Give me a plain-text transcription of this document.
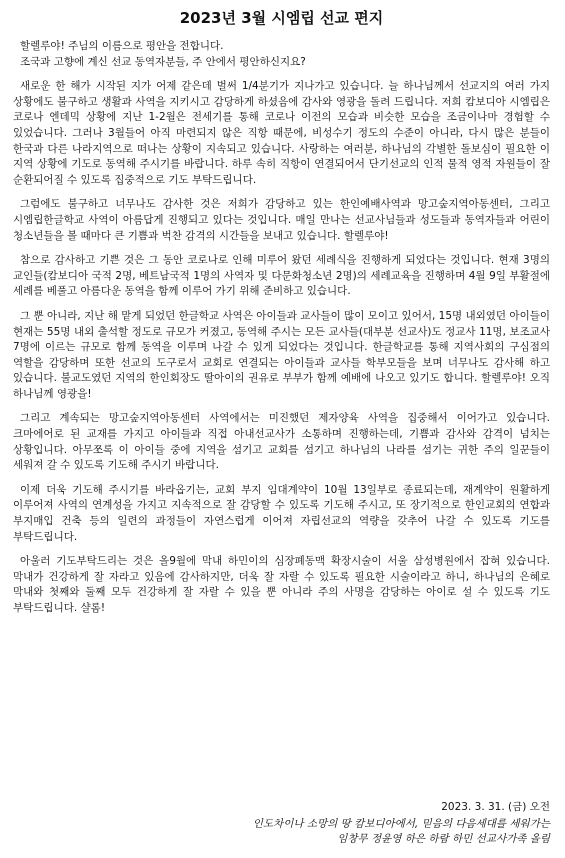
2023년 3월 시엠립 선교 편지
할렐루야! 주님의 이름으로 평안을 전합니다.
조국과 고향에 계신 선교 동역자분들, 주 안에서 평안하신지요?

새로운 한 해가 시작된 지가 어제 같은데 벌써 1/4분기가 지나가고 있습니다. 늘 하나님께서 선교지의 여러 가지 상황에도 불구하고 생활과 사역을 지키시고 감당하게 하셨음에 감사와 영광을 돌려 드립니다. 저희 캄보디아 시엠립은 코로나 엔데믹 상황에 지난 1-2월은 전세기를 통해 코로나 이전의 모습과 비슷한 모습을 조금이나마 경험할 수 있었습니다. 그러나 3월들어 아직 마련되지 않은 직항 때문에, 비성수기 정도의 수준이 아니라, 다시 많은 분들이 한국과 다른 나라지역으로 떠나는 상황이 지속되고 있습니다. 사랑하는 여러분, 하나님의 각별한 돌보심이 필요한 이 지역 상황에 기도로 동역해 주시기를 바랍니다. 하루 속히 직항이 연결되어서 단기선교의 인적 물적 영적 자원들이 잘 순환되어질 수 있도록 집중적으로 기도 부탁드립니다.

그럼에도 불구하고 너무나도 감사한 것은 저희가 감당하고 있는 한인예배사역과 망고숲지역아동센터, 그리고 시엠립한글학교 사역이 아름답게 진행되고 있다는 것입니다. 매일 만나는 선교사님들과 성도들과 동역자들과 어린이 청소년들을 볼 때마다 큰 기쁨과 벅찬 감격의 시간들을 보내고 있습니다. 할렐루야!

참으로 감사하고 기쁜 것은 그 동안 코로나로 인해 미루어 왔던 세례식을 진행하게 되었다는 것입니다. 현재 3명의 교인들(캄보디아 국적 2명, 베트남국적 1명의 사역자 및 다문화청소년 2명)의 세례교육을 진행하며 4월 9일 부활절에 세례를 베풀고 아름다운 동역을 함께 이루어 가기 위해 준비하고 있습니다.

그 뿐 아니라, 지난 해 맡게 되었던 한글학교 사역은 아이들과 교사들이 많이 모이고 있어서, 15명 내외였던 아이들이 현재는 55명 내외 출석할 정도로 규모가 커졌고, 동역해 주시는 모든 교사들(대부분 선교사)도 정교사 11명, 보조교사 7명에 이르는 규모로 함께 동역을 이루며 나갈 수 있게 되었다는 것입니다. 한글학교를 통해 지역사회의 구심점의 역할을 감당하며 또한 선교의 도구로서 교회로 연결되는 아이들과 교사들 학부모들을 보며 너무나도 감사해 하고 있습니다. 불교도였던 지역의 한인회장도 딸아이의 권유로 부부가 함께 예배에 나오고 있기도 합니다. 할렐루야! 오직 하나님께 영광을!

그리고 계속되는 망고숲지역아동센터 사역에서는 미진했던 제자양육 사역을 집중해서 이어가고 있습니다. 크마에어로 된 교재를 가지고 아이들과 직접 아내선교사가 소통하며 진행하는데, 기쁨과 감사와 감격이 넘치는 상황입니다. 아무쪼록 이 아이들 중에 지역을 섬기고 교회를 섬기고 하나님의 나라를 섬기는 귀한 주의 일꾼들이 세워져 갈 수 있도록 기도해 주시기 바랍니다.

이제 더욱 기도해 주시기를 바라옵기는, 교회 부지 임대계약이 10월 13일부로 종료되는데, 재계약이 원활하게 이루어져 사역의 연계성을 가지고 지속적으로 잘 감당할 수 있도록 기도해 주시고, 또 장기적으로 한인교회의 연합과 부지매입 건축 등의 일련의 과정들이 자연스럽게 이어져 자립선교의 역량을 갖추어 나갈 수 있도록 기도를 부탁드립니다.

아울러 기도부탁드리는 것은 올9월에 막내 하민이의 심장폐동맥 확장시술이 서울 삼성병원에서 잡혀 있습니다. 막내가 건강하게 잘 자라고 있음에 감사하지만, 더욱 잘 자랄 수 있도록 필요한 시술이라고 하니, 하나님의 은혜로 막내와 첫째와 둘째 모두 건강하게 잘 자랄 수 있을 뿐 아니라 주의 사명을 감당하는 아이로 설 수 있도록 기도 부탁드립니다. 샬롬!

2023. 3. 31. (금) 오전
인도차이나 소망의 땅 캄보디아에서, 믿음의 다음세대를 세워가는
임창무 정윤영 하은 하람 하민 선교사가족 올림
